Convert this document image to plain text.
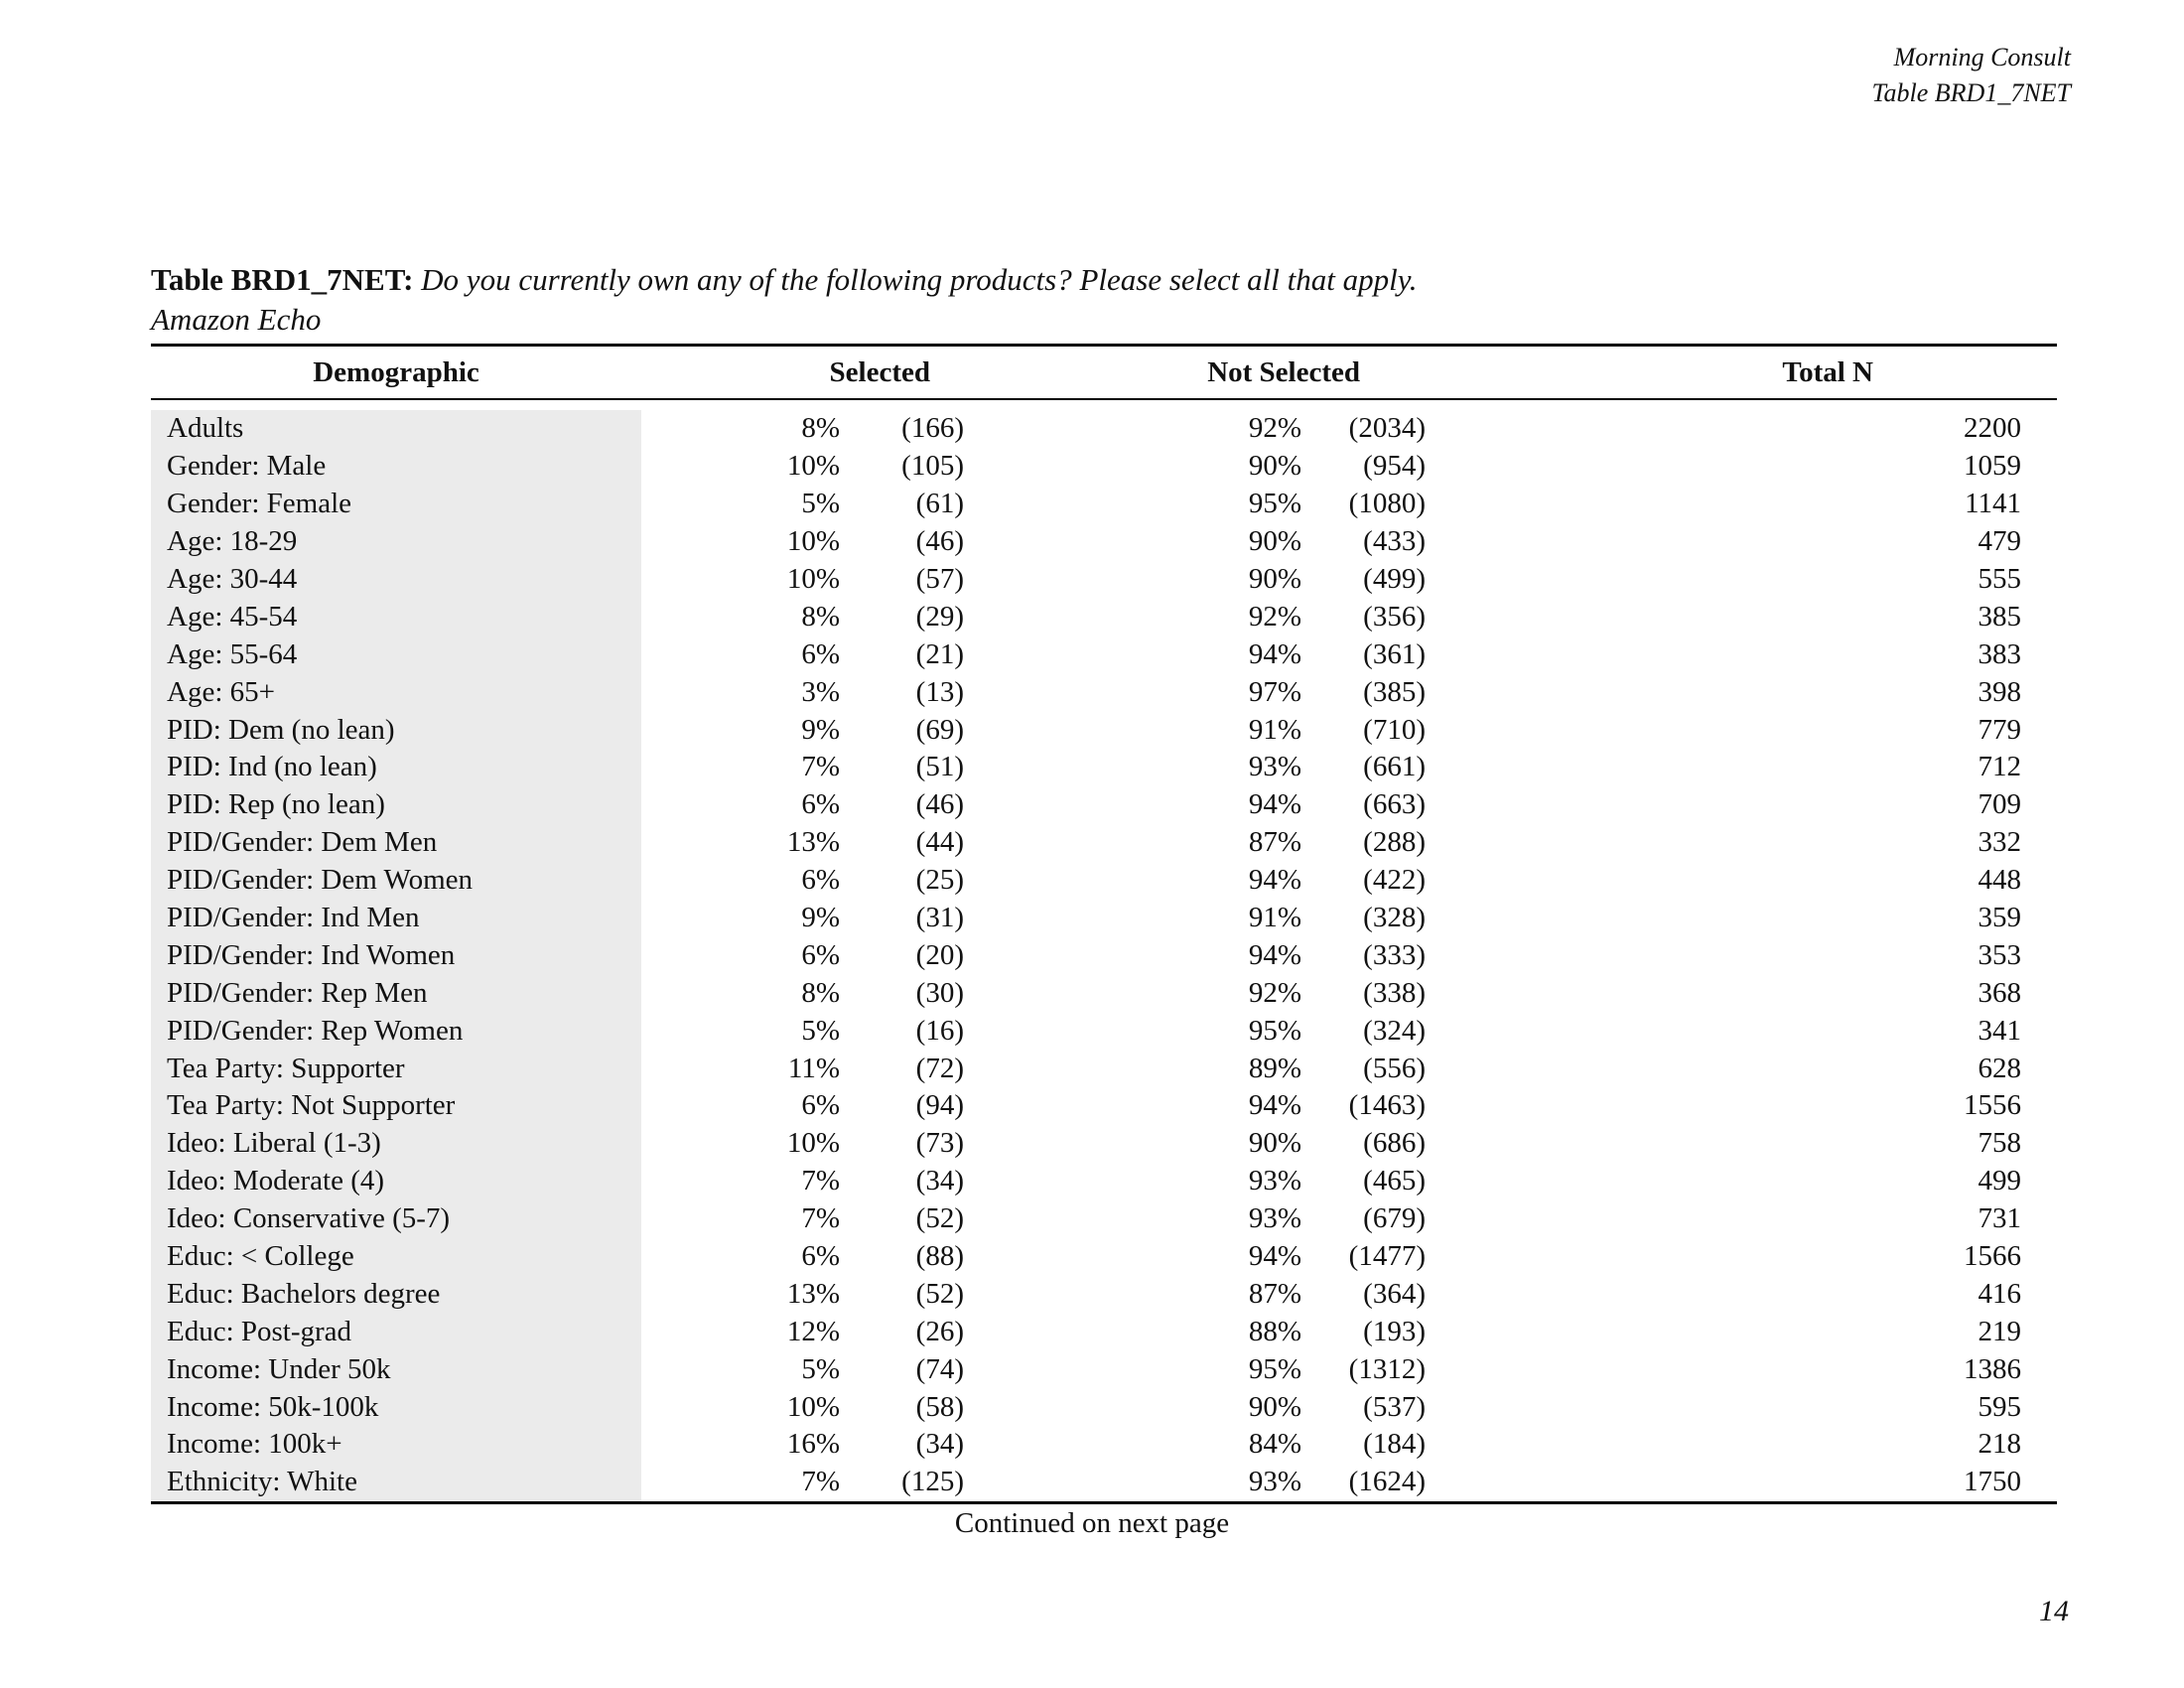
Morning Consult
Table BRD1_7NET
Table BRD1_7NET: Do you currently own any of the following products? Please select all that apply.
Amazon Echo
Demographic	Selected		Not Selected		Total N

Adults	8%	(166)	92%	(2034)	2200
Gender: Male	10%	(105)	90%	(954)	1059
Gender: Female	5%	(61)	95%	(1080)	1141
Age: 18-29	10%	(46)	90%	(433)	479
Age: 30-44	10%	(57)	90%	(499)	555
Age: 45-54	8%	(29)	92%	(356)	385
Age: 55-64	6%	(21)	94%	(361)	383
Age: 65+	3%	(13)	97%	(385)	398
PID: Dem (no lean)	9%	(69)	91%	(710)	779
PID: Ind (no lean)	7%	(51)	93%	(661)	712
PID: Rep (no lean)	6%	(46)	94%	(663)	709
PID/Gender: Dem Men	13%	(44)	87%	(288)	332
PID/Gender: Dem Women	6%	(25)	94%	(422)	448
PID/Gender: Ind Men	9%	(31)	91%	(328)	359
PID/Gender: Ind Women	6%	(20)	94%	(333)	353
PID/Gender: Rep Men	8%	(30)	92%	(338)	368
PID/Gender: Rep Women	5%	(16)	95%	(324)	341
Tea Party: Supporter	11%	(72)	89%	(556)	628
Tea Party: Not Supporter	6%	(94)	94%	(1463)	1556
Ideo: Liberal (1-3)	10%	(73)	90%	(686)	758
Ideo: Moderate (4)	7%	(34)	93%	(465)	499
Ideo: Conservative (5-7)	7%	(52)	93%	(679)	731
Educ: < College	6%	(88)	94%	(1477)	1566
Educ: Bachelors degree	13%	(52)	87%	(364)	416
Educ: Post-grad	12%	(26)	88%	(193)	219
Income: Under 50k	5%	(74)	95%	(1312)	1386
Income: 50k-100k	10%	(58)	90%	(537)	595
Income: 100k+	16%	(34)	84%	(184)	218
Ethnicity: White	7%	(125)	93%	(1624)	1750
Continued on next page
14
